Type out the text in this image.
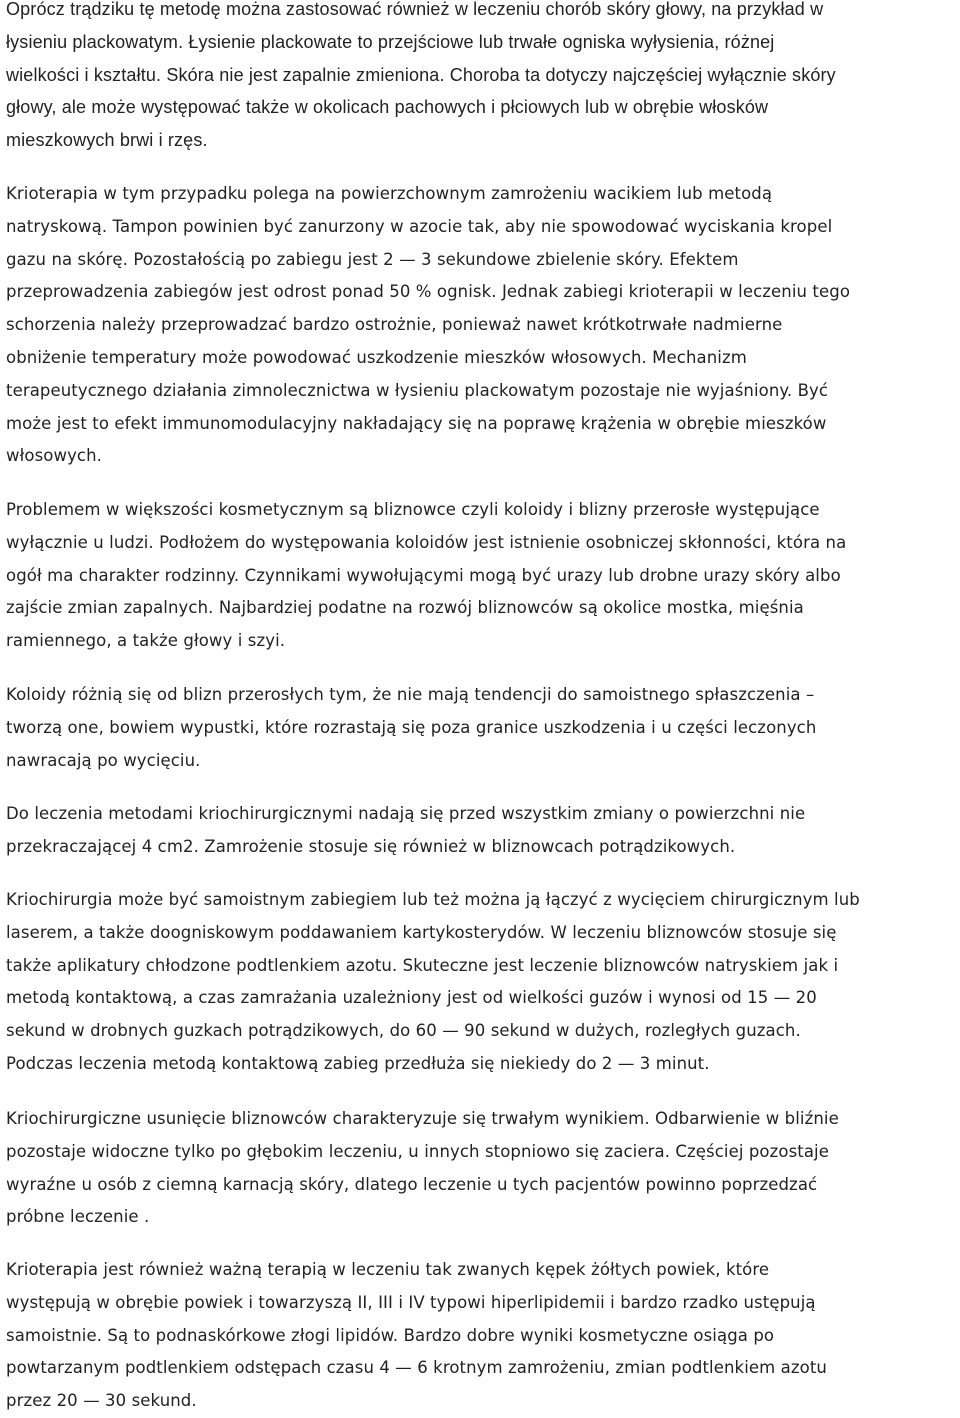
Oprócz trądziku tę metodę można zastosować również w leczeniu chorób skóry głowy, na przykład w
łysieniu plackowatym. Łysienie plackowate to przejściowe lub trwałe ogniska wyłysienia, różnej
wielkości i kształtu. Skóra nie jest zapalnie zmieniona. Choroba ta dotyczy najczęściej wyłącznie skóry
głowy, ale może występować także w okolicach pachowych i płciowych lub w obrębie włosków
mieszkowych brwi i rzęs.
Krioterapia w tym przypadku polega na powierzchownym zamrożeniu wacikiem lub metodą
natryskową. Tampon powinien być zanurzony w azocie tak, aby nie spowodować wyciskania kropel
gazu na skórę. Pozostałością po zabiegu jest 2 — 3 sekundowe zbielenie skóry. Efektem
przeprowadzenia zabiegów jest odrost ponad 50 % ognisk. Jednak zabiegi krioterapii w leczeniu tego
schorzenia należy przeprowadzać bardzo ostrożnie, ponieważ nawet krótkotrwałe nadmierne
obniżenie temperatury może powodować uszkodzenie mieszków włosowych. Mechanizm
terapeutycznego działania zimnolecznictwa w łysieniu plackowatym pozostaje nie wyjaśniony. Być
może jest to efekt immunomodulacyjny nakładający się na poprawę krążenia w obrębie mieszków
włosowych.
Problemem w większości kosmetycznym są bliznowce czyli koloidy i blizny przerosłe występujące
wyłącznie u ludzi. Podłożem do występowania koloidów jest istnienie osobniczej skłonności, która na
ogół ma charakter rodzinny. Czynnikami wywołującymi mogą być urazy lub drobne urazy skóry albo
zajście zmian zapalnych. Najbardziej podatne na rozwój bliznowców są okolice mostka, mięśnia
ramiennego, a także głowy i szyi.
Koloidy różnią się od blizn przerosłych tym, że nie mają tendencji do samoistnego spłaszczenia –
tworzą one, bowiem wypustki, które rozrastają się poza granice uszkodzenia i u części leczonych
nawracają po wycięciu.
Do leczenia metodami kriochirurgicznymi nadają się przed wszystkim zmiany o powierzchni nie
przekraczającej 4 cm2. Zamrożenie stosuje się również w bliznowcach potrądzikowych.
Kriochirurgia może być samoistnym zabiegiem lub też można ją łączyć z wycięciem chirurgicznym lub
laserem, a także doogniskowym poddawaniem kartykosterydów. W leczeniu bliznowców stosuje się
także aplikatury chłodzone podtlenkiem azotu. Skuteczne jest leczenie bliznowców natryskiem jak i
metodą kontaktową, a czas zamrażania uzależniony jest od wielkości guzów i wynosi od 15 — 20
sekund w drobnych guzkach potrądzikowych, do 60 — 90 sekund w dużych, rozległych guzach.
Podczas leczenia metodą kontaktową zabieg przedłuża się niekiedy do 2 — 3 minut.
Kriochirurgiczne usunięcie bliznowców charakteryzuje się trwałym wynikiem. Odbarwienie w bliźnie
pozostaje widoczne tylko po głębokim leczeniu, u innych stopniowo się zaciera. Częściej pozostaje
wyraźne u osób z ciemną karnacją skóry, dlatego leczenie u tych pacjentów powinno poprzedzać
próbne leczenie .
Krioterapia jest również ważną terapią w leczeniu tak zwanych kępek żółtych powiek, które
występują w obrębie powiek i towarzyszą II, III i IV typowi hiperlipidemii i bardzo rzadko ustępują
samoistnie. Są to podnaskórkowe złogi lipidów. Bardzo dobre wyniki kosmetyczne osiąga po
powtarzanym podtlenkiem odstępach czasu 4 — 6 krotnym zamrożeniu, zmian podtlenkiem azotu
przez 20 — 30 sekund.
